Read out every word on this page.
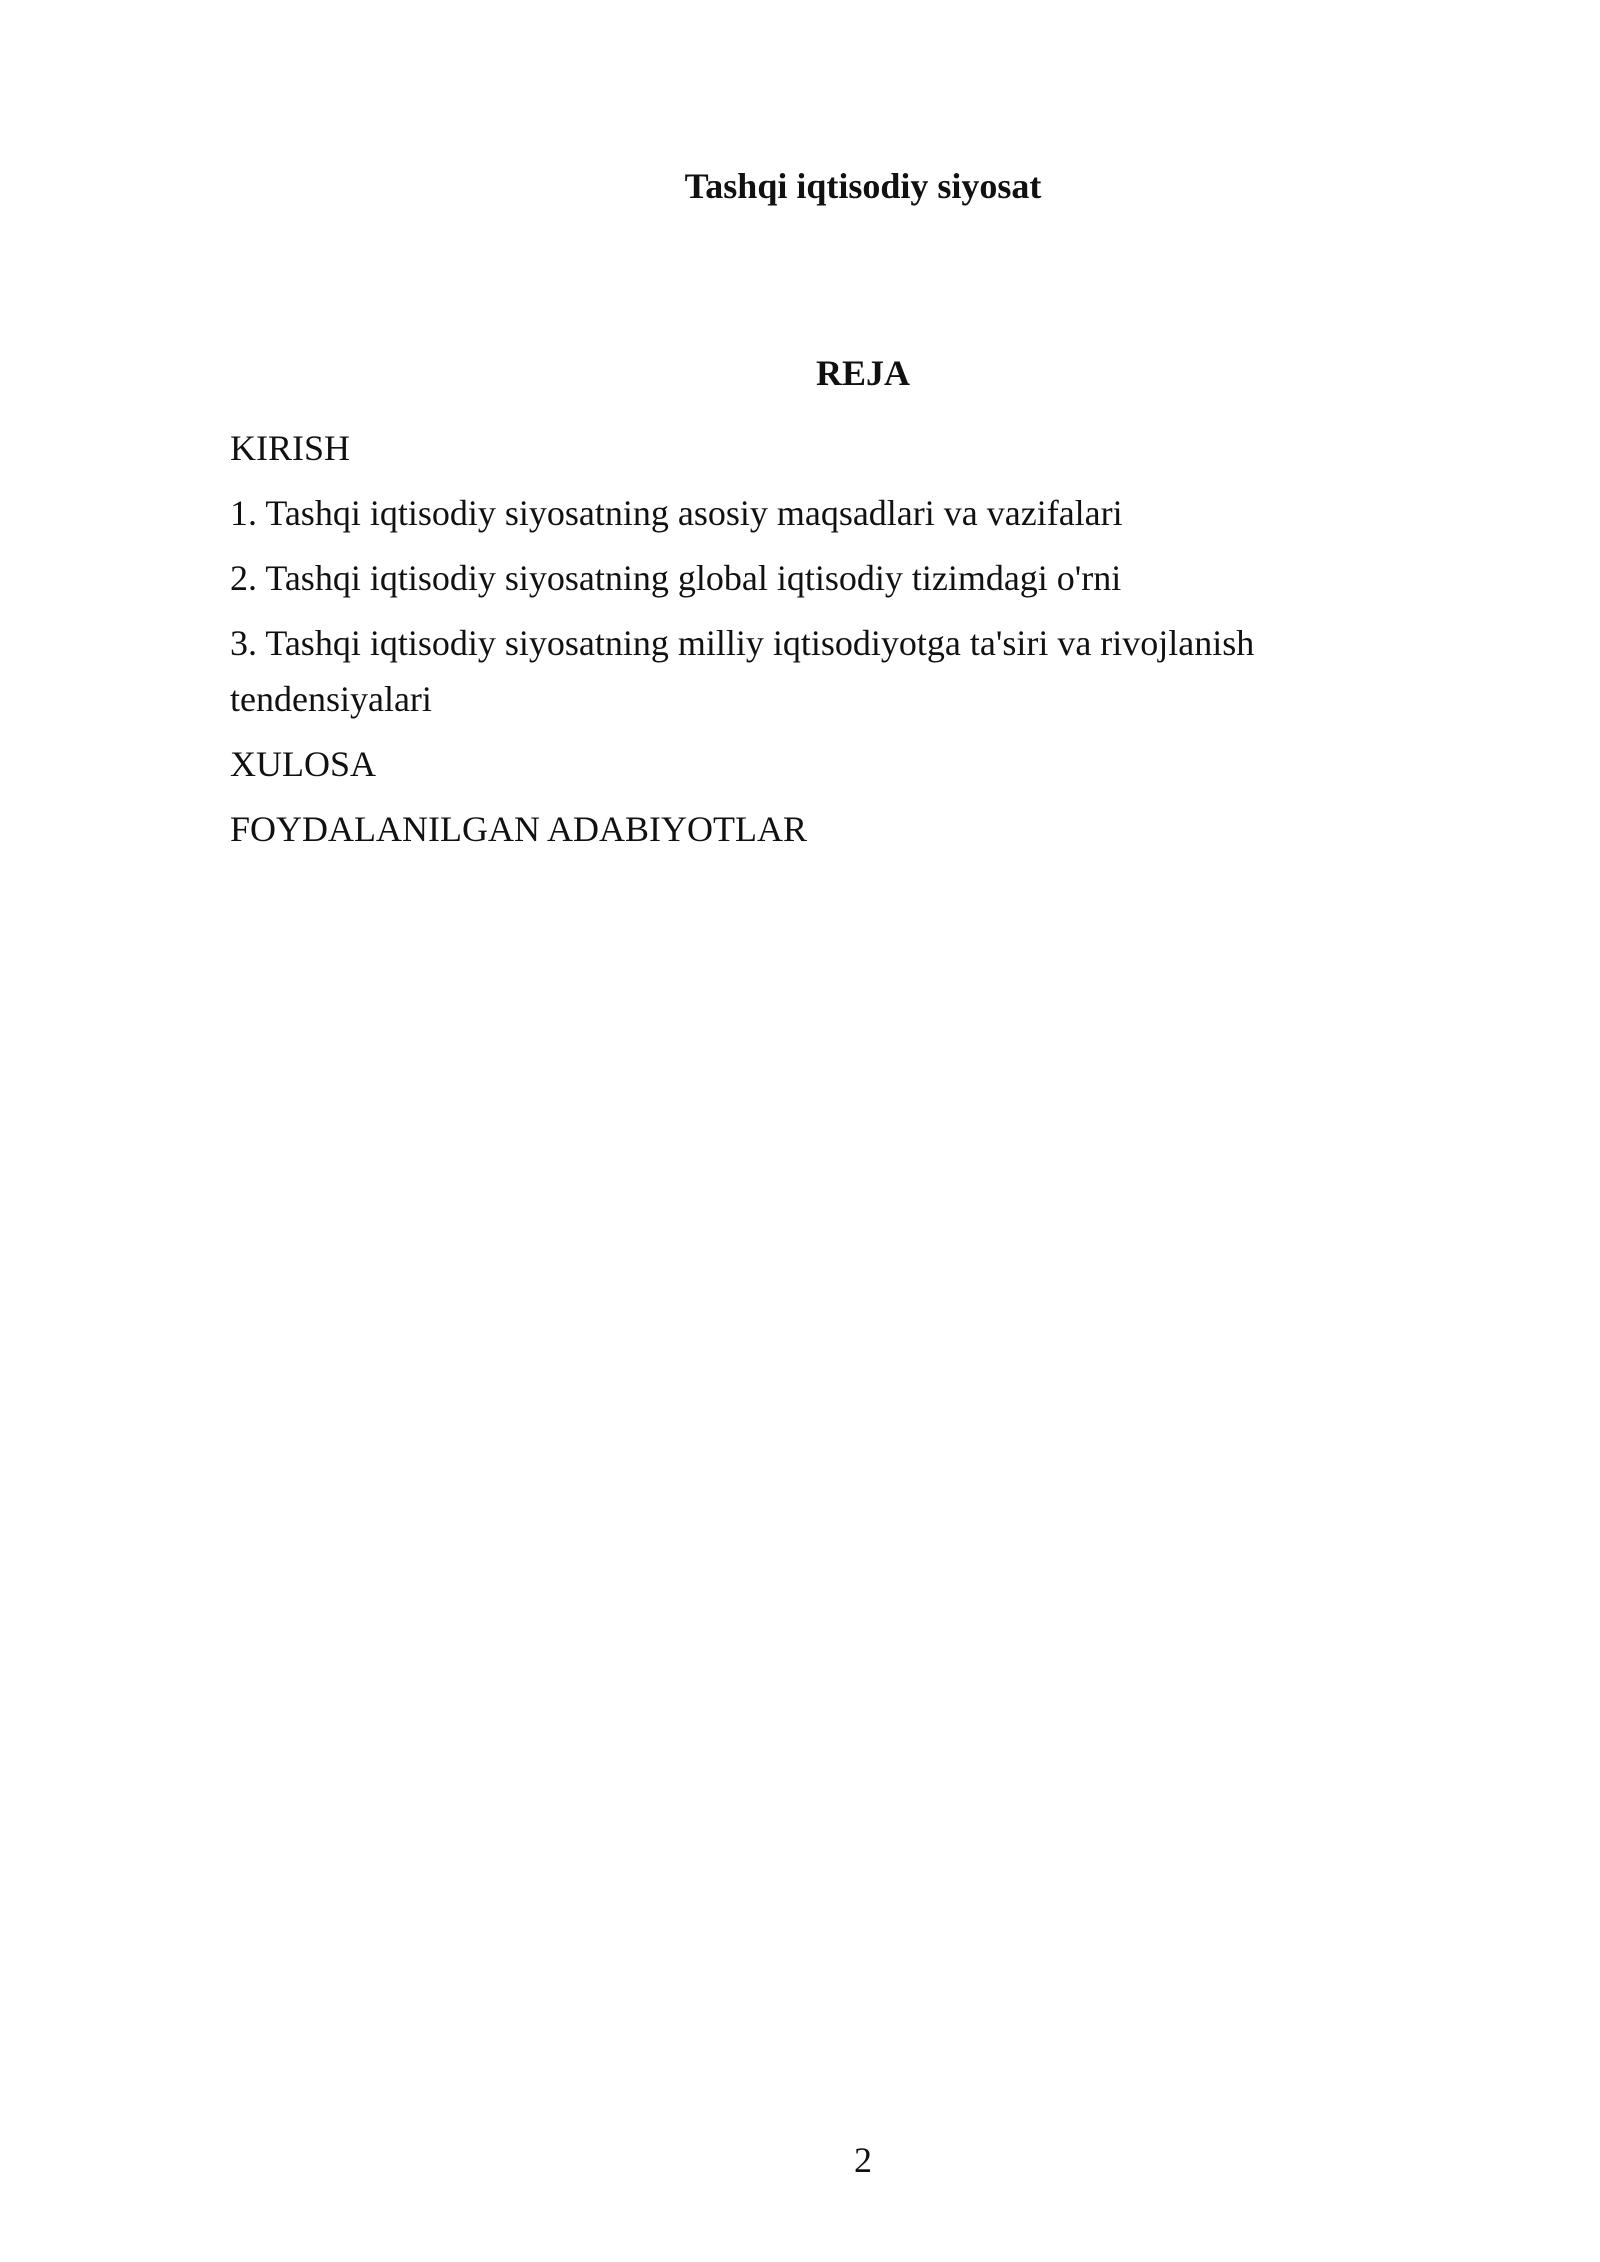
Tashqi iqtisodiy siyosat
REJA
KIRISH
1. Tashqi iqtisodiy siyosatning asosiy maqsadlari va vazifalari
2. Tashqi iqtisodiy siyosatning global iqtisodiy tizimdagi o'rni
3. Tashqi iqtisodiy siyosatning milliy iqtisodiyotga ta'siri va rivojlanish tendensiyalari
XULOSA
FOYDALANILGAN ADABIYOTLAR
2
